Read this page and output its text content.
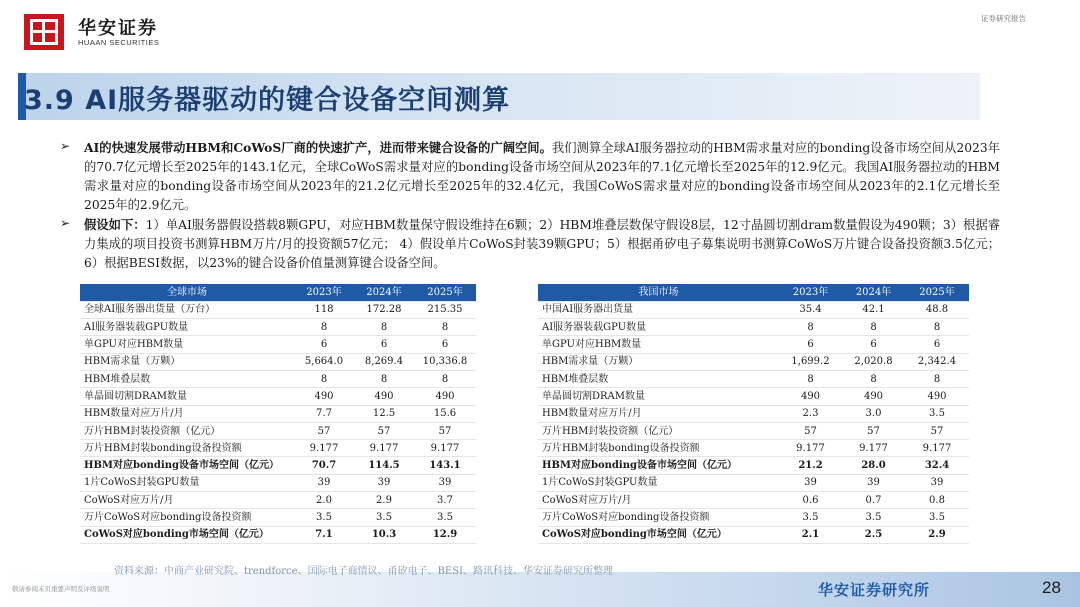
华安证券
HUAAN SECURITIES
证券研究报告
3.9 AI服务器驱动的键合设备空间测算
➢ AI的快速发展带动HBM和CoWoS厂商的快速扩产，进而带来键合设备的广阔空间。我们测算全球AI服务器拉动的HBM需求量对应的bonding设备市场空间从2023年的70.7亿元增长至2025年的143.1亿元，全球CoWoS需求量对应的bonding设备市场空间从2023年的7.1亿元增长至2025年的12.9亿元。我国AI服务器拉动的HBM需求量对应的bonding设备市场空间从2023年的21.2亿元增长至2025年的32.4亿元，我国CoWoS需求量对应的bonding设备市场空间从2023年的2.1亿元增长至2025年的2.9亿元。
➢ 假设如下：1）单AI服务器假设搭载8颗GPU，对应HBM数量保守假设维持在6颗；2）HBM堆叠层数保守假设8层，12寸晶圆切割dram数量假设为490颗；3）根据睿力集成的项目投资书测算HBM万片/月的投资额57亿元； 4）假设单片CoWoS封装39颗GPU；5）根据甬矽电子募集说明书测算CoWoS万片键合设备投资额3.5亿元；6）根据BESI数据，以23%的键合设备价值量测算键合设备空间。
全球市场	2023年	2024年	2025年
全球AI服务器出货量（万台）	118	172.28	215.35
AI服务器装载GPU数量	8	8	8
单GPU对应HBM数量	6	6	6
HBM需求量（万颗）	5,664.0	8,269.4	10,336.8
HBM堆叠层数	8	8	8
单晶圆切割DRAM数量	490	490	490
HBM数量对应万片/月	7.7	12.5	15.6
万片HBM封装投资额（亿元）	57	57	57
万片HBM封装bonding设备投资额	9.177	9.177	9.177
HBM对应bonding设备市场空间（亿元）	70.7	114.5	143.1
1片CoWoS封装GPU数量	39	39	39
CoWoS对应万片/月	2.0	2.9	3.7
万片CoWoS对应bonding设备投资额	3.5	3.5	3.5
CoWoS对应bonding市场空间（亿元）	7.1	10.3	12.9
我国市场	2023年	2024年	2025年
中国AI服务器出货量	35.4	42.1	48.8
AI服务器装载GPU数量	8	8	8
单GPU对应HBM数量	6	6	6
HBM需求量（万颗）	1,699.2	2,020.8	2,342.4
HBM堆叠层数	8	8	8
单晶圆切割DRAM数量	490	490	490
HBM数量对应万片/月	2.3	3.0	3.5
万片HBM封装投资额（亿元）	57	57	57
万片HBM封装bonding设备投资额	9.177	9.177	9.177
HBM对应bonding设备市场空间（亿元）	21.2	28.0	32.4
1片CoWoS封装GPU数量	39	39	39
CoWoS对应万片/月	0.6	0.7	0.8
万片CoWoS对应bonding设备投资额	3.5	3.5	3.5
CoWoS对应bonding市场空间（亿元）	2.1	2.5	2.9
资料来源：中商产业研究院、trendforce、国际电子商情议、甬矽电子、BESI、路讯科技、华安证券研究所整理
敬请参阅末页重要声明及评级说明	华安证券研究所	28
